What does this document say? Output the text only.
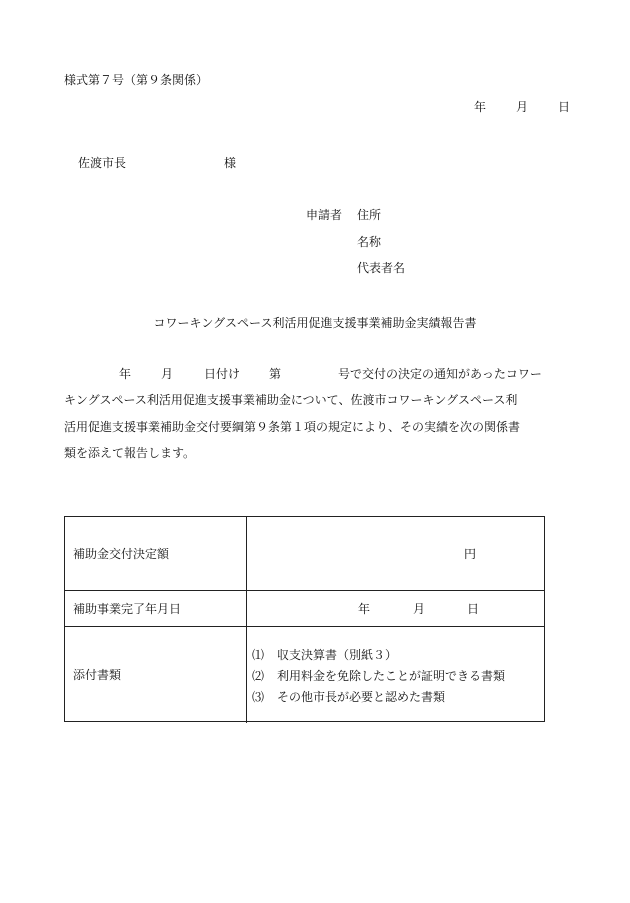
様式第７号（第９条関係）
年 月 日
佐渡市長	様
申請者 住所
名称
代表者名
コワーキングスペース利活用促進支援事業補助金実績報告書
年 月	日付け 第	号で交付の決定の通知があったコワー
キングスペース利活用促進支援事業補助金について、佐渡市コワーキングスペース利
活用促進支援事業補助金交付要綱第９条第１項の規定により、その実績を次の関係書
類を添えて報告します。
補助金交付決定額	円
補助事業完了年月日	年	月	日
添付書類
⑴ 収支決算書（別紙３）
⑵ 利用料金を免除したことが証明できる書類
⑶ その他市長が必要と認めた書類
